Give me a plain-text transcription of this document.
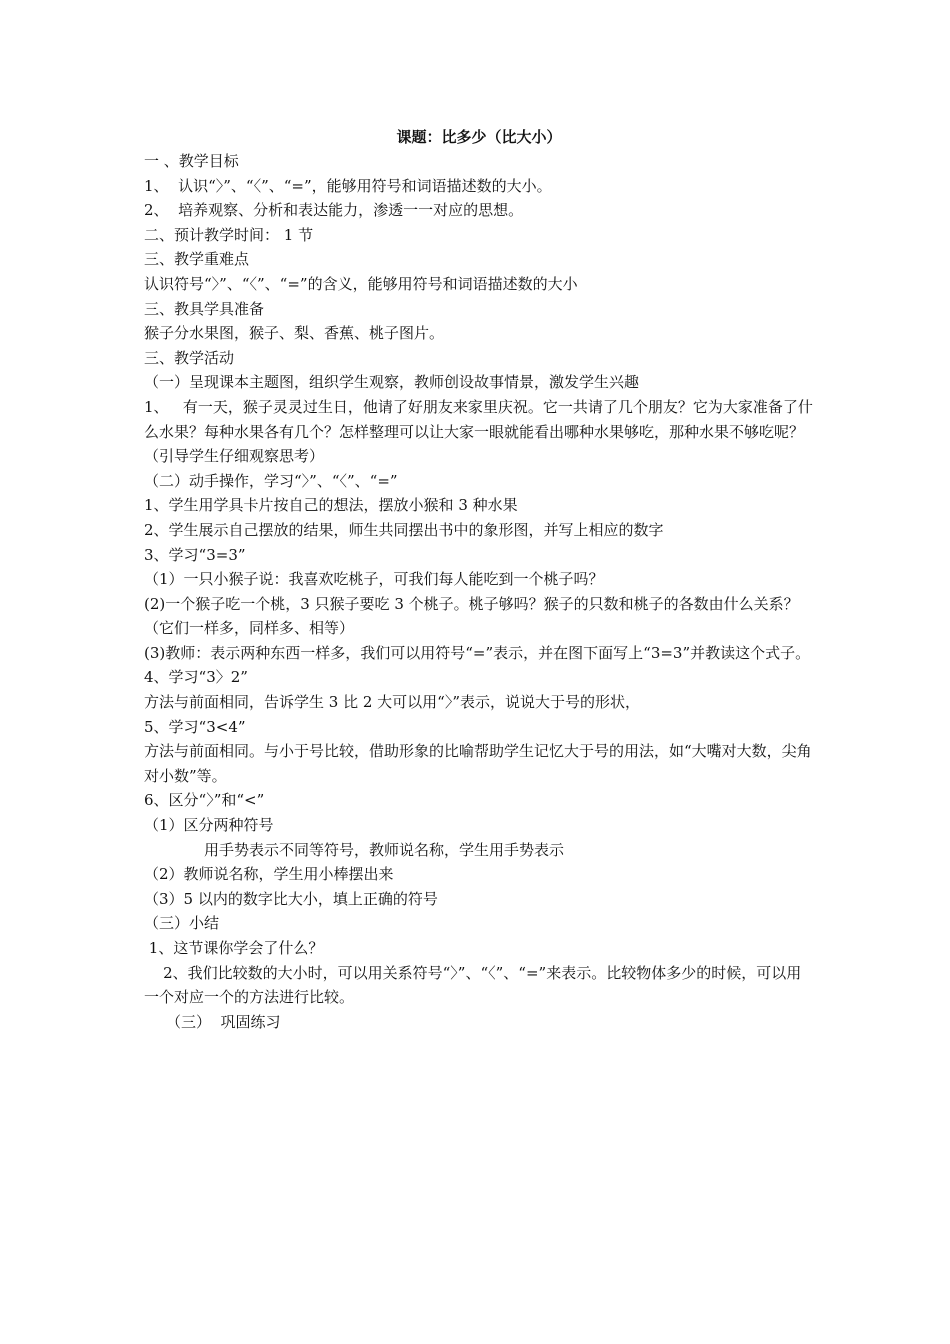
课题：比多少（比大小）
一 、教学目标
1、  认识“〉”、“〈”、“=”，能够用符号和词语描述数的大小。
2、  培养观察、分析和表达能力，渗透一一对应的思想。
二、预计教学时间： 1 节
三、教学重难点
认识符号“〉”、“〈”、“=”的含义，能够用符号和词语描述数的大小
三、教具学具准备
猴子分水果图，猴子、梨、香蕉、桃子图片。
三、教学活动
（一）呈现课本主题图，组织学生观察，教师创设故事情景，激发学生兴趣
1、   有一天，猴子灵灵过生日，他请了好朋友来家里庆祝。它一共请了几个朋友？它为大家准备了什么水果？每种水果各有几个？怎样整理可以让大家一眼就能看出哪种水果够吃，那种水果不够吃呢？（引导学生仔细观察思考）
（二）动手操作，学习“〉”、“〈”、“=”
1、学生用学具卡片按自己的想法，摆放小猴和 3 种水果
2、学生展示自己摆放的结果，师生共同摆出书中的象形图，并写上相应的数字
3、学习“3=3”
（1）一只小猴子说：我喜欢吃桃子，可我们每人能吃到一个桃子吗？
(2)一个猴子吃一个桃，3 只猴子要吃 3 个桃子。桃子够吗？猴子的只数和桃子的各数由什么关系？（它们一样多，同样多、相等）
(3)教师：表示两种东西一样多，我们可以用符号“=”表示，并在图下面写上“3=3”并教读这个式子。
4、学习“3〉2”
方法与前面相同，告诉学生 3 比 2 大可以用“〉”表示，说说大于号的形状，
5、学习“3<4”
方法与前面相同。与小于号比较，借助形象的比喻帮助学生记忆大于号的用法，如“大嘴对大数，尖角对小数”等。
6、区分“〉”和“<”
（1）区分两种符号
用手势表示不同等符号，教师说名称，学生用手势表示
（2）教师说名称，学生用小棒摆出来
（3）5 以内的数字比大小，填上正确的符号
（三）小结
1、这节课你学会了什么？
2、我们比较数的大小时，可以用关系符号“〉”、“〈”、“=”来表示。比较物体多少的时候，可以用一个对应一个的方法进行比较。
（三）  巩固练习
